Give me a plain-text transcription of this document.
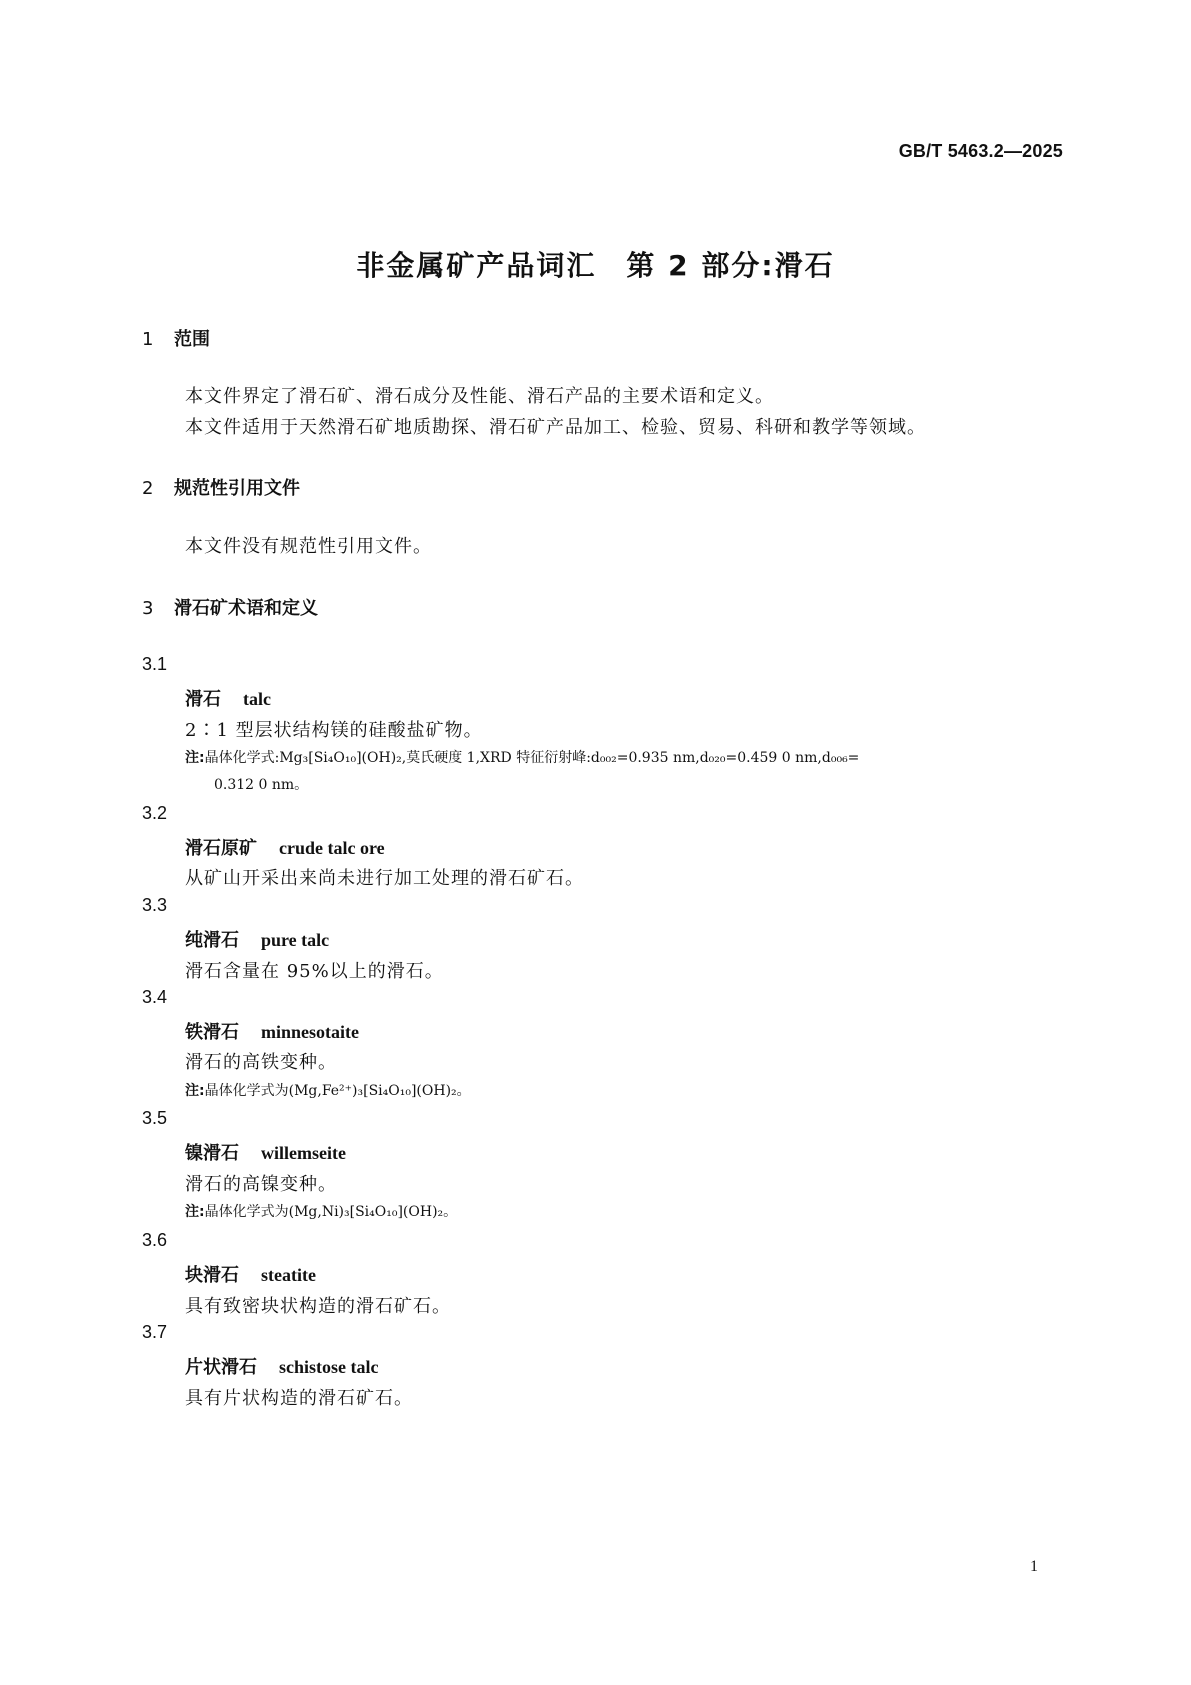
GB/T 5463.2—2025
非金属矿产品词汇　第 2 部分:滑石
1 范围
本文件界定了滑石矿、滑石成分及性能、滑石产品的主要术语和定义。
本文件适用于天然滑石矿地质勘探、滑石矿产品加工、检验、贸易、科研和教学等领域。
2 规范性引用文件
本文件没有规范性引用文件。
3 滑石矿术语和定义
3.1
滑石 talc
2∶1 型层状结构镁的硅酸盐矿物。
注:晶体化学式:Mg₃[Si₄O₁₀](OH)₂,莫氏硬度 1,XRD 特征衍射峰:d₀₀₂=0.935 nm,d₀₂₀=0.459 0 nm,d₀₀₆=
0.312 0 nm。
3.2
滑石原矿 crude talc ore
从矿山开采出来尚未进行加工处理的滑石矿石。
3.3
纯滑石 pure talc
滑石含量在 95%以上的滑石。
3.4
铁滑石 minnesotaite
滑石的高铁变种。
注:晶体化学式为(Mg,Fe²⁺)₃[Si₄O₁₀](OH)₂。
3.5
镍滑石 willemseite
滑石的高镍变种。
注:晶体化学式为(Mg,Ni)₃[Si₄O₁₀](OH)₂。
3.6
块滑石 steatite
具有致密块状构造的滑石矿石。
3.7
片状滑石 schistose talc
具有片状构造的滑石矿石。
1
